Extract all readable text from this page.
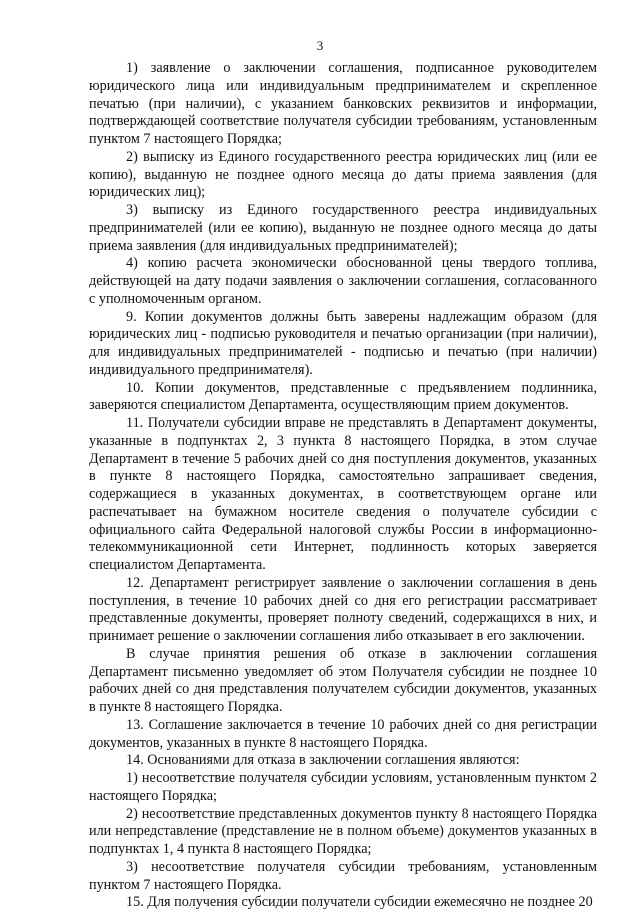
3

1) заявление о заключении соглашения, подписанное руководителем юридического лица или индивидуальным предпринимателем и скрепленное печатью (при наличии), с указанием банковских реквизитов и информации, подтверждающей соответствие получателя субсидии требованиям, установленным пунктом 7 настоящего Порядка;

2) выписку из Единого государственного реестра юридических лиц (или ее копию), выданную не позднее одного месяца до даты приема заявления (для юридических лиц);

3) выписку из Единого государственного реестра индивидуальных предпринимателей (или ее копию), выданную не позднее одного месяца до даты приема заявления (для индивидуальных предпринимателей);

4) копию расчета экономически обоснованной цены твердого топлива, действующей на дату подачи заявления о заключении соглашения, согласованного с уполномоченным органом.

9. Копии документов должны быть заверены надлежащим образом (для юридических лиц - подписью руководителя и печатью организации (при наличии), для индивидуальных предпринимателей - подписью и печатью (при наличии) индивидуального предпринимателя).

10. Копии документов, представленные с предъявлением подлинника, заверяются специалистом Департамента, осуществляющим прием документов.

11. Получатели субсидии вправе не представлять в Департамент документы, указанные в подпунктах 2, 3 пункта 8 настоящего Порядка, в этом случае Департамент в течение 5 рабочих дней со дня поступления документов, указанных в пункте 8 настоящего Порядка, самостоятельно запрашивает сведения, содержащиеся в указанных документах, в соответствующем органе или распечатывает на бумажном носителе сведения о получателе субсидии с официального сайта Федеральной налоговой службы России в информационно-телекоммуникационной сети Интернет, подлинность которых заверяется специалистом Департамента.

12. Департамент регистрирует заявление о заключении соглашения в день поступления, в течение 10 рабочих дней со дня его регистрации рассматривает представленные документы, проверяет полноту сведений, содержащихся в них, и принимает решение о заключении соглашения либо отказывает в его заключении.

В случае принятия решения об отказе в заключении соглашения Департамент письменно уведомляет об этом Получателя субсидии не позднее 10 рабочих дней со дня представления получателем субсидии документов, указанных в пункте 8 настоящего Порядка.

13. Соглашение заключается в течение 10 рабочих дней со дня регистрации документов, указанных в пункте 8 настоящего Порядка.

14. Основаниями для отказа в заключении соглашения являются:

1) несоответствие получателя субсидии условиям, установленным пунктом 2 настоящего Порядка;

2) несоответствие представленных документов пункту 8 настоящего Порядка или непредставление (представление не в полном объеме) документов указанных в подпунктах 1, 4 пункта 8 настоящего Порядка;

3) несоответствие получателя субсидии требованиям, установленным пунктом 7 настоящего Порядка.

15. Для получения субсидии получатели субсидии ежемесячно не позднее 20
